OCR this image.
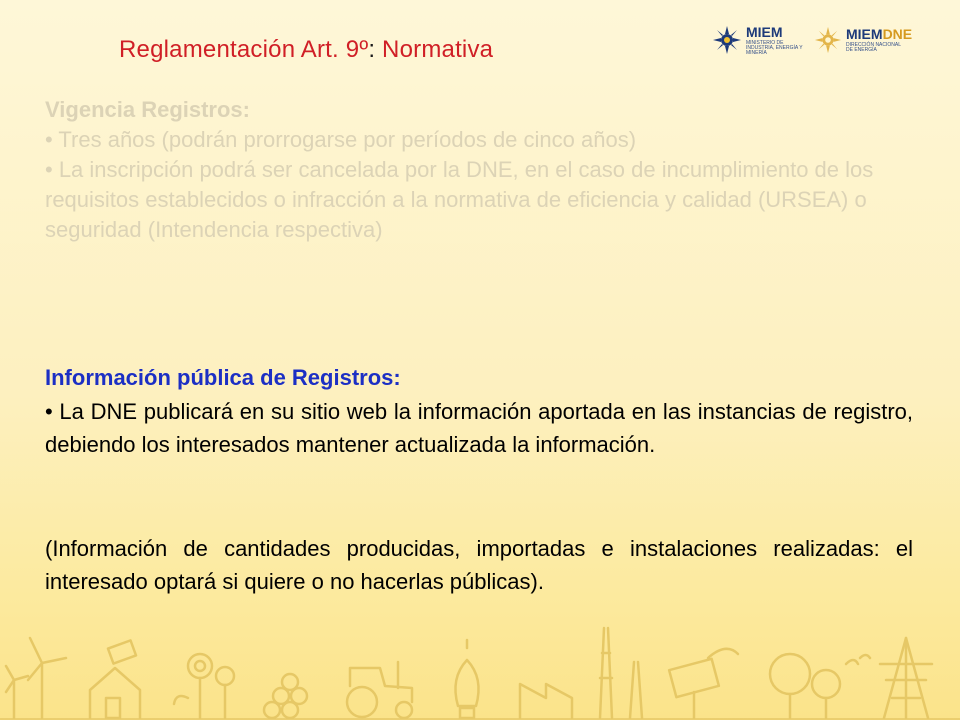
Reglamentación Art. 9º: Normativa
MIEM
MINISTERIO DE INDUSTRIA, ENERGÍA Y MINERÍA
MIEMDNE
DIRECCIÓN NACIONAL DE ENERGÍA
Vigencia Registros:
• Tres años (podrán prorrogarse por períodos de cinco años)
• La inscripción podrá ser cancelada por la DNE, en el caso de incumplimiento de los requisitos establecidos o infracción a la normativa de eficiencia y calidad (URSEA) o seguridad (Intendencia respectiva)
Información pública de Registros:
• La DNE publicará en su sitio web la información aportada en las instancias de registro, debiendo los interesados mantener actualizada la información.
(Información de cantidades producidas, importadas e instalaciones realizadas: el interesado optará si quiere o no hacerlas públicas).
